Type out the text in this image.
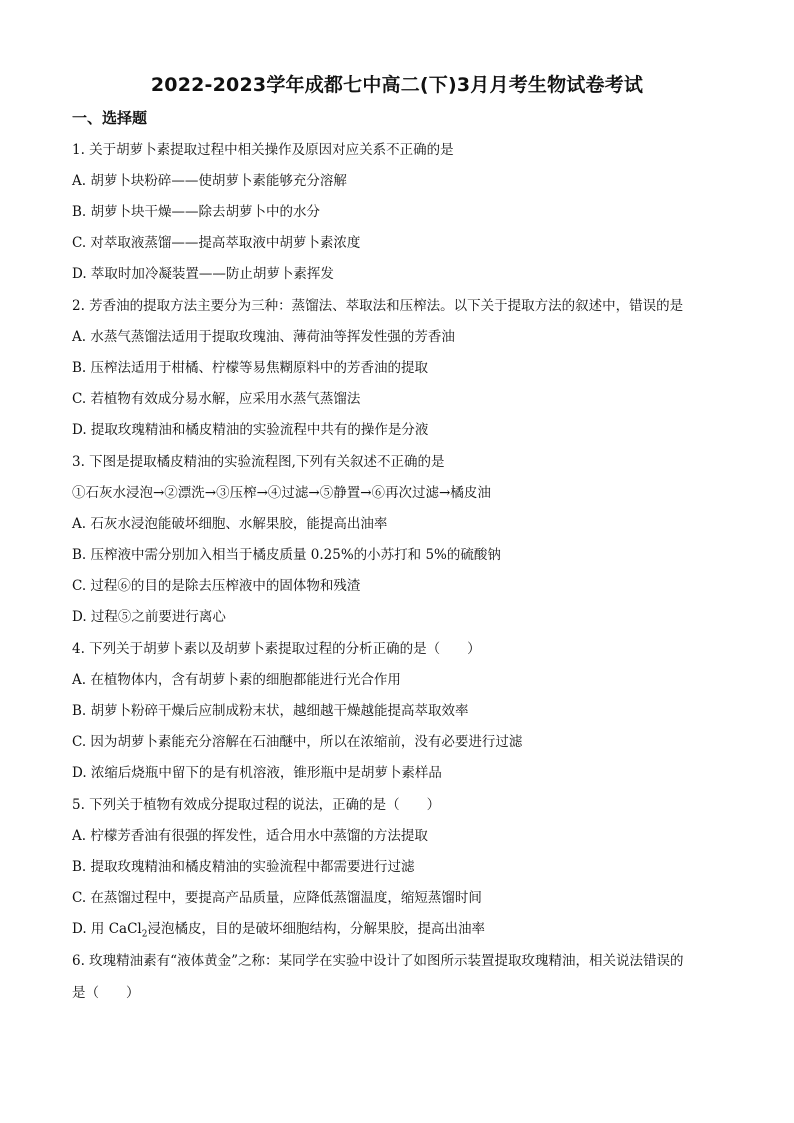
2022-2023学年成都七中高二(下)3月月考生物试卷考试
一、选择题
1. 关于胡萝卜素提取过程中相关操作及原因对应关系不正确的是
A. 胡萝卜块粉碎——使胡萝卜素能够充分溶解
B. 胡萝卜块干燥——除去胡萝卜中的水分
C. 对萃取液蒸馏——提高萃取液中胡萝卜素浓度
D. 萃取时加冷凝装置——防止胡萝卜素挥发
2. 芳香油的提取方法主要分为三种：蒸馏法、萃取法和压榨法。以下关于提取方法的叙述中，错误的是
A. 水蒸气蒸馏法适用于提取玫瑰油、薄荷油等挥发性强的芳香油
B. 压榨法适用于柑橘、柠檬等易焦糊原料中的芳香油的提取
C. 若植物有效成分易水解，应采用水蒸气蒸馏法
D. 提取玫瑰精油和橘皮精油的实验流程中共有的操作是分液
3. 下图是提取橘皮精油的实验流程图,下列有关叙述不正确的是
①石灰水浸泡→②漂洗→③压榨→④过滤→⑤静置→⑥再次过滤→橘皮油
A. 石灰水浸泡能破坏细胞、水解果胶，能提高出油率
B. 压榨液中需分别加入相当于橘皮质量 0.25%的小苏打和 5%的硫酸钠
C. 过程⑥的目的是除去压榨液中的固体物和残渣
D. 过程⑤之前要进行离心
4. 下列关于胡萝卜素以及胡萝卜素提取过程的分析正确的是（　　）
A. 在植物体内，含有胡萝卜素的细胞都能进行光合作用
B. 胡萝卜粉碎干燥后应制成粉末状，越细越干燥越能提高萃取效率
C. 因为胡萝卜素能充分溶解在石油醚中，所以在浓缩前，没有必要进行过滤
D. 浓缩后烧瓶中留下的是有机溶液，锥形瓶中是胡萝卜素样品
5. 下列关于植物有效成分提取过程的说法，正确的是（　　）
A. 柠檬芳香油有很强的挥发性，适合用水中蒸馏的方法提取
B. 提取玫瑰精油和橘皮精油的实验流程中都需要进行过滤
C. 在蒸馏过程中，要提高产品质量，应降低蒸馏温度，缩短蒸馏时间
D. 用 CaCl$_2$浸泡橘皮，目的是破坏细胞结构，分解果胶，提高出油率
6. 玫瑰精油素有“液体黄金”之称：某同学在实验中设计了如图所示装置提取玫瑰精油，相关说法错误的
是（　　）
